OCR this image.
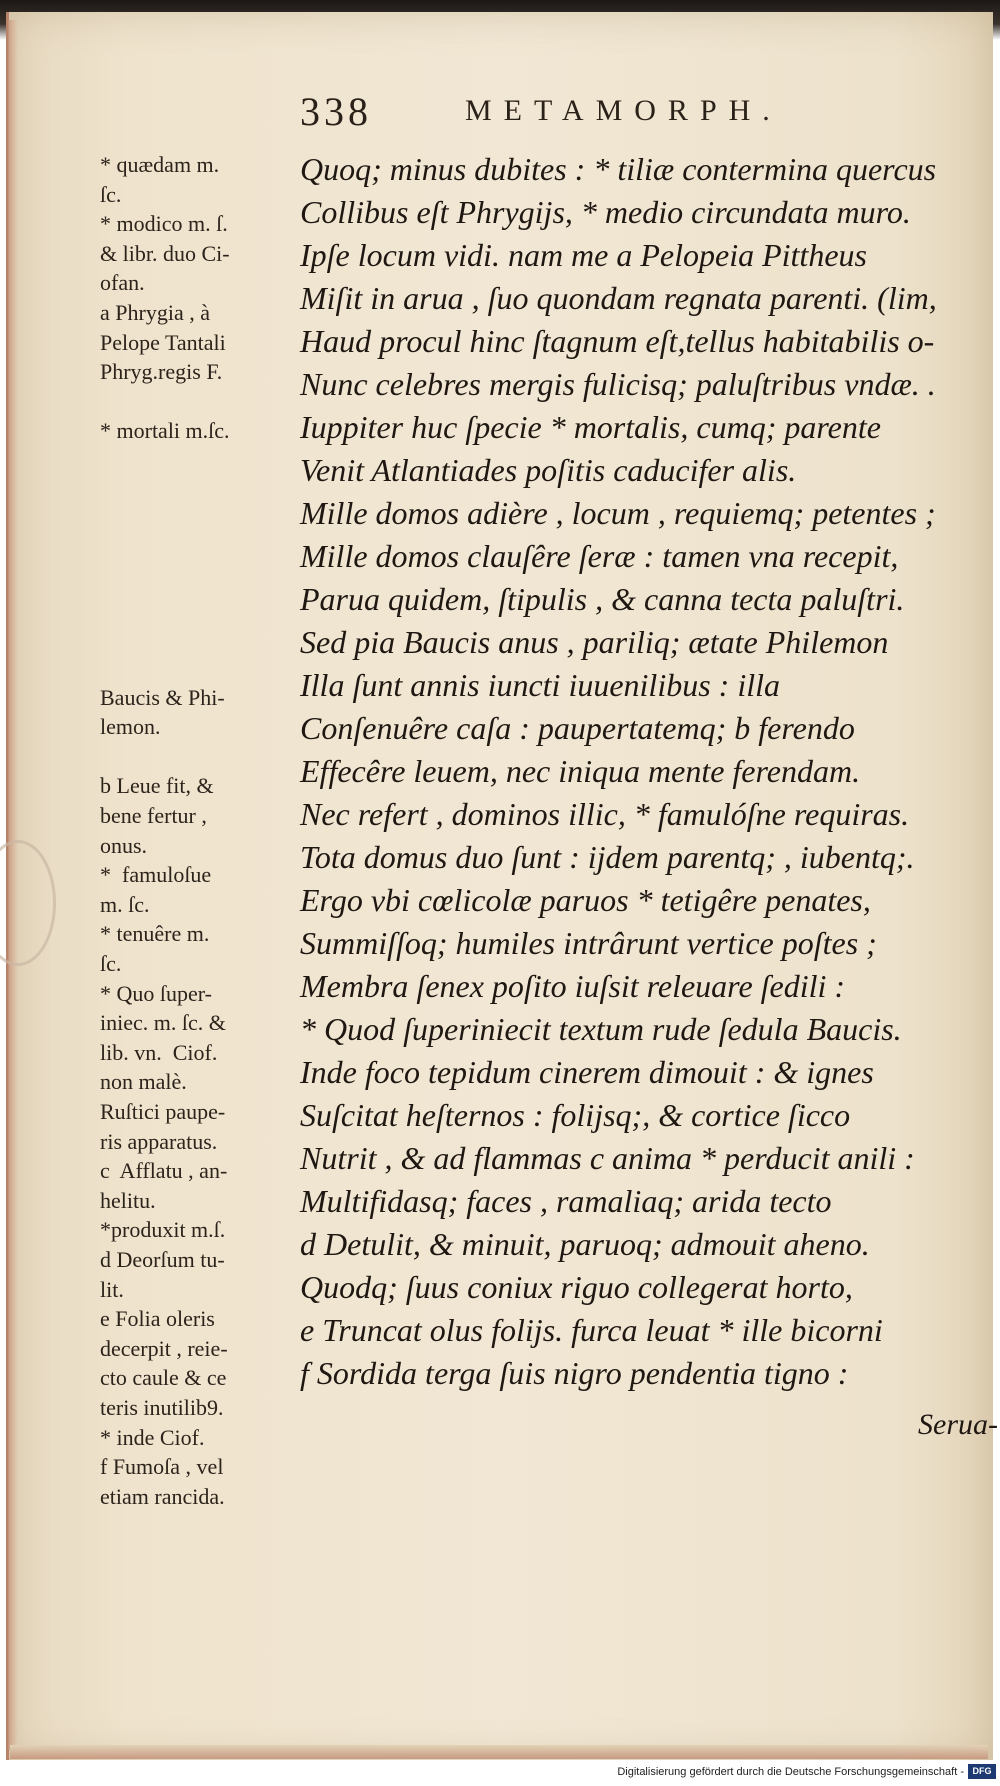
338	METAMORPH.
* quædam m.
ſc.
* modico m. ſ.
& libr. duo Ci-
ofan.
a Phrygia , à
Pelope Tantali
Phryg.regis F.

* mortali m.ſc.

Baucis & Phi-
lemon.

b Leue fit, &
bene fertur ,
onus.
*  famuloſue
m. ſc.
* tenuêre m.
ſc.
* Quo ſuper-
iniec. m. ſc. &
lib. vn.  Ciof.
non malè.
Ruſtici paupe-
ris apparatus.
c  Afflatu , an-
helitu.
*produxit m.ſ.
d Deorſum tu-
lit.
e Folia oleris
decerpit , reie-
cto caule & ce
teris inutilib9.
* inde Ciof.
f Fumoſa , vel
etiam rancida.
Quoq; minus dubites : * tiliæ contermina quercus
Collibus eſt Phrygijs, * medio circundata muro.
Ipſe locum vidi. nam me a Pelopeia Pittheus
Miſit in arua , ſuo quondam regnata parenti. (lim,
Haud procul hinc ſtagnum eſt,tellus habitabilis o-
Nunc celebres mergis fulicisq; paluſtribus vndæ. .
Iuppiter huc ſpecie * mortalis, cumq; parente
Venit Atlantiades poſitis caducifer alis.
Mille domos adière , locum , requiemq; petentes ;
Mille domos clauſêre ſeræ : tamen vna recepit,
Parua quidem, ſtipulis , & canna tecta paluſtri.
Sed pia Baucis anus , pariliq; ætate Philemon
Illa ſunt annis iuncti iuuenilibus : illa
Conſenuêre caſa : paupertatemq; b ferendo
Effecêre leuem, nec iniqua mente ferendam.
Nec refert , dominos illic, * famulóſne requiras.
Tota domus duo ſunt : ijdem parentq; , iubentq;.
Ergo vbi cœlicolæ paruos * tetigêre penates,
Summiſſoq; humiles intrârunt vertice poſtes ;
Membra ſenex poſito iuſsit releuare ſedili :
* Quod ſuperiniecit textum rude ſedula Baucis.
Inde foco tepidum cinerem dimouit : & ignes
Suſcitat heſternos : folijsq;, & cortice ſicco
Nutrit , & ad flammas c anima * perducit anili :
Multifidasq; faces , ramaliaq; arida tecto
d Detulit, & minuit, paruoq; admouit aheno.
Quodq; ſuus coniux riguo collegerat horto,
e Truncat olus folijs. furca leuat * ille bicorni
f Sordida terga ſuis nigro pendentia tigno :
Serua-
Digitalisierung gefördert durch die Deutsche Forschungsgemeinschaft - DFG
